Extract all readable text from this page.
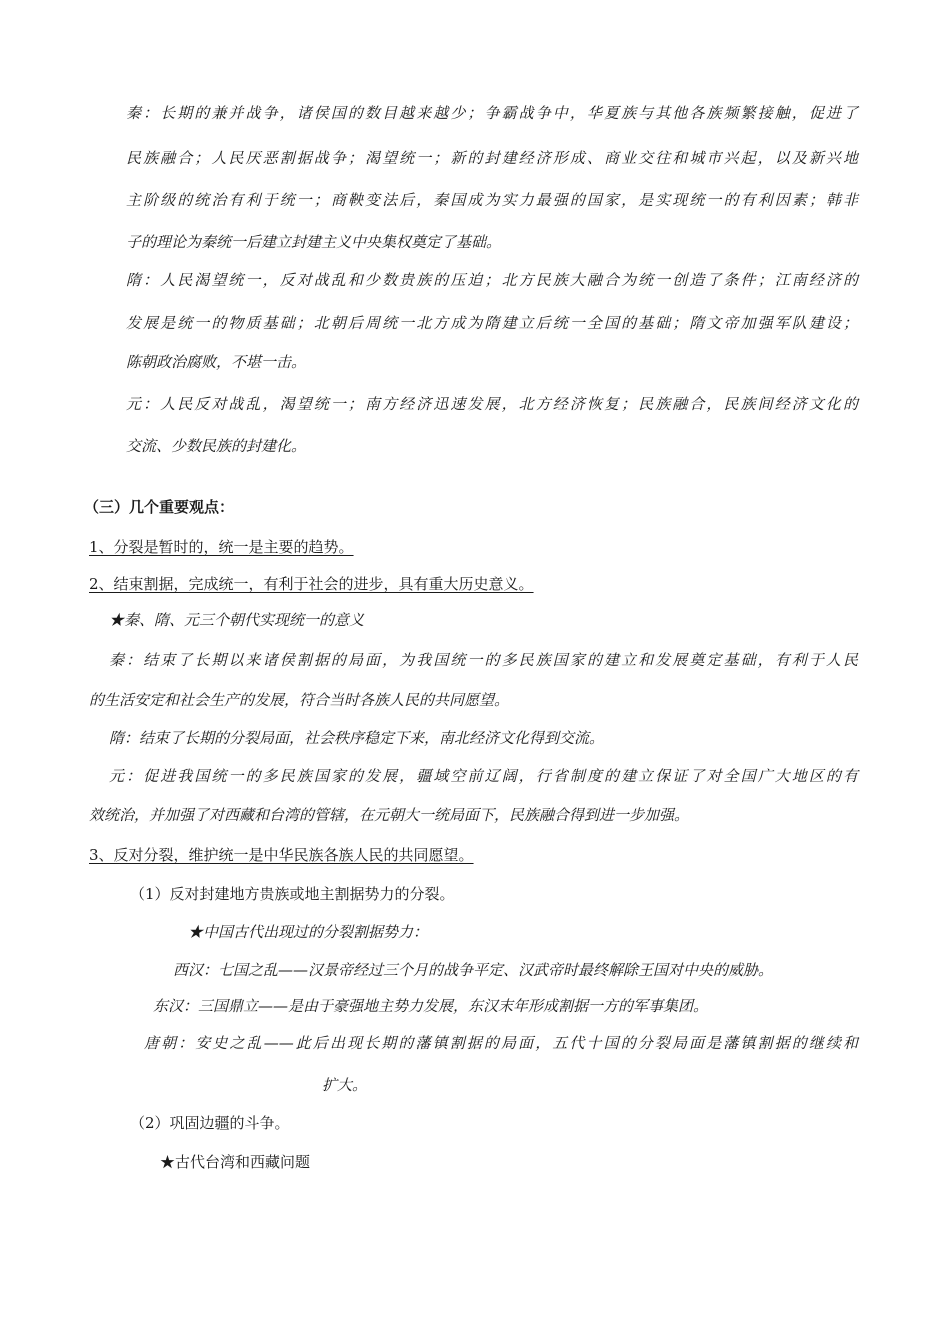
秦：长期的兼并战争，诸侯国的数目越来越少；争霸战争中，华夏族与其他各族频繁接触，促进了
民族融合；人民厌恶割据战争；渴望统一；新的封建经济形成、商业交往和城市兴起，以及新兴地
主阶级的统治有利于统一；商鞅变法后，秦国成为实力最强的国家，是实现统一的有利因素；韩非
子的理论为秦统一后建立封建主义中央集权奠定了基础。
隋：人民渴望统一，反对战乱和少数贵族的压迫；北方民族大融合为统一创造了条件；江南经济的
发展是统一的物质基础；北朝后周统一北方成为隋建立后统一全国的基础；隋文帝加强军队建设；
陈朝政治腐败，不堪一击。
元：人民反对战乱，渴望统一；南方经济迅速发展，北方经济恢复；民族融合，民族间经济文化的
交流、少数民族的封建化。
（三）几个重要观点：
1、分裂是暂时的，统一是主要的趋势。
2、结束割据，完成统一，有利于社会的进步，具有重大历史意义。
★秦、隋、元三个朝代实现统一的意义
秦：结束了长期以来诸侯割据的局面，为我国统一的多民族国家的建立和发展奠定基础，有利于人民
的生活安定和社会生产的发展，符合当时各族人民的共同愿望。
隋：结束了长期的分裂局面，社会秩序稳定下来，南北经济文化得到交流。
元：促进我国统一的多民族国家的发展，疆域空前辽阔，行省制度的建立保证了对全国广大地区的有
效统治，并加强了对西藏和台湾的管辖，在元朝大一统局面下，民族融合得到进一步加强。
3、反对分裂，维护统一是中华民族各族人民的共同愿望。
（1）反对封建地方贵族或地主割据势力的分裂。
★中国古代出现过的分裂割据势力：
西汉：七国之乱——汉景帝经过三个月的战争平定、汉武帝时最终解除王国对中央的威胁。
东汉：三国鼎立——是由于豪强地主势力发展，东汉末年形成割据一方的军事集团。
唐朝：安史之乱——此后出现长期的藩镇割据的局面，五代十国的分裂局面是藩镇割据的继续和
扩大。
（2）巩固边疆的斗争。
★古代台湾和西藏问题
